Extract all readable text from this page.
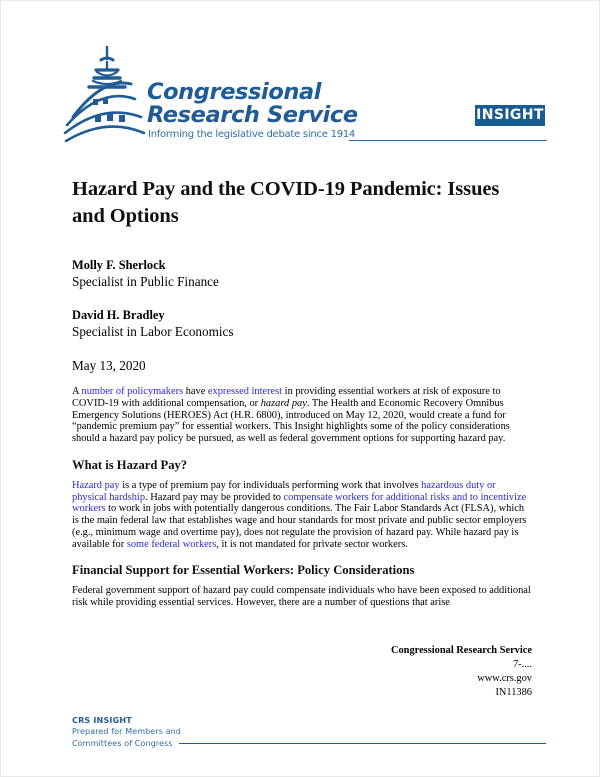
Congressional
Research Service
Informing the legislative debate since 1914
INSIGHT
Hazard Pay and the COVID-19 Pandemic: Issues and Options

Molly F. Sherlock

Specialist in Public Finance

David H. Bradley

Specialist in Labor Economics

May 13, 2020

A number of policymakers have expressed interest in providing essential workers at risk of exposure to COVID-19 with additional compensation, or hazard pay. The Health and Economic Recovery Omnibus Emergency Solutions (HEROES) Act (H.R. 6800), introduced on May 12, 2020, would create a fund for “pandemic premium pay” for essential workers. This Insight highlights some of the policy considerations should a hazard pay policy be pursued, as well as federal government options for supporting hazard pay.

What is Hazard Pay?

Hazard pay is a type of premium pay for individuals performing work that involves hazardous duty or physical hardship. Hazard pay may be provided to compensate workers for additional risks and to incentivize workers to work in jobs with potentially dangerous conditions. The Fair Labor Standards Act (FLSA), which is the main federal law that establishes wage and hour standards for most private and public sector employers (e.g., minimum wage and overtime pay), does not regulate the provision of hazard pay. While hazard pay is available for some federal workers, it is not mandated for private sector workers.

Financial Support for Essential Workers: Policy Considerations

Federal government support of hazard pay could compensate individuals who have been exposed to additional risk while providing essential services. However, there are a number of questions that arise

Congressional Research Service
7-....
www.crs.gov
IN11386
CRS INSIGHT
Prepared for Members and
Committees of Congress
